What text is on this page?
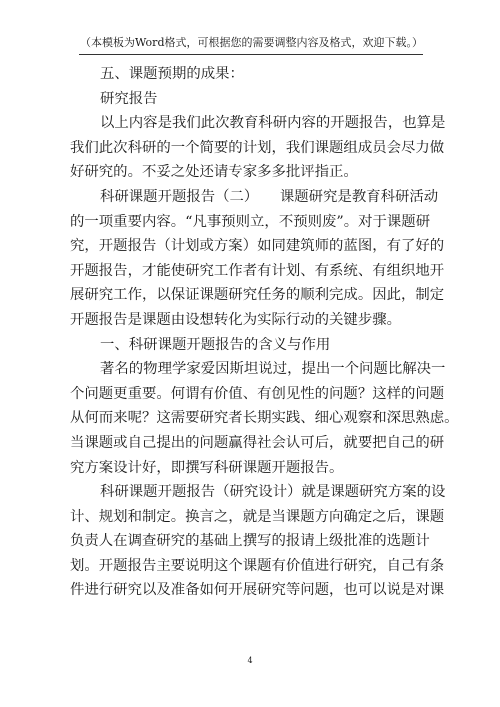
（本模板为Word格式，可根据您的需要调整内容及格式，欢迎下载。）
五、课题预期的成果：
研究报告
以上内容是我们此次教育科研内容的开题报告，也算是
我们此次科研的一个简要的计划，我们课题组成员会尽力做
好研究的。不妥之处还请专家多多批评指正。
科研课题开题报告（二）　　课题研究是教育科研活动
的一项重要内容。“凡事预则立，不预则废”。对于课题研
究，开题报告（计划或方案）如同建筑师的蓝图，有了好的
开题报告，才能使研究工作者有计划、有系统、有组织地开
展研究工作，以保证课题研究任务的顺利完成。因此，制定
开题报告是课题由设想转化为实际行动的关键步骤。
一、科研课题开题报告的含义与作用
著名的物理学家爱因斯坦说过，提出一个问题比解决一
个问题更重要。何谓有价值、有创见性的问题？这样的问题
从何而来呢？这需要研究者长期实践、细心观察和深思熟虑。
当课题或自己提出的问题赢得社会认可后，就要把自己的研
究方案设计好，即撰写科研课题开题报告。
科研课题开题报告（研究设计）就是课题研究方案的设
计、规划和制定。换言之，就是当课题方向确定之后，课题
负责人在调查研究的基础上撰写的报请上级批准的选题计
划。开题报告主要说明这个课题有价值进行研究，自己有条
件进行研究以及准备如何开展研究等问题，也可以说是对课
4
